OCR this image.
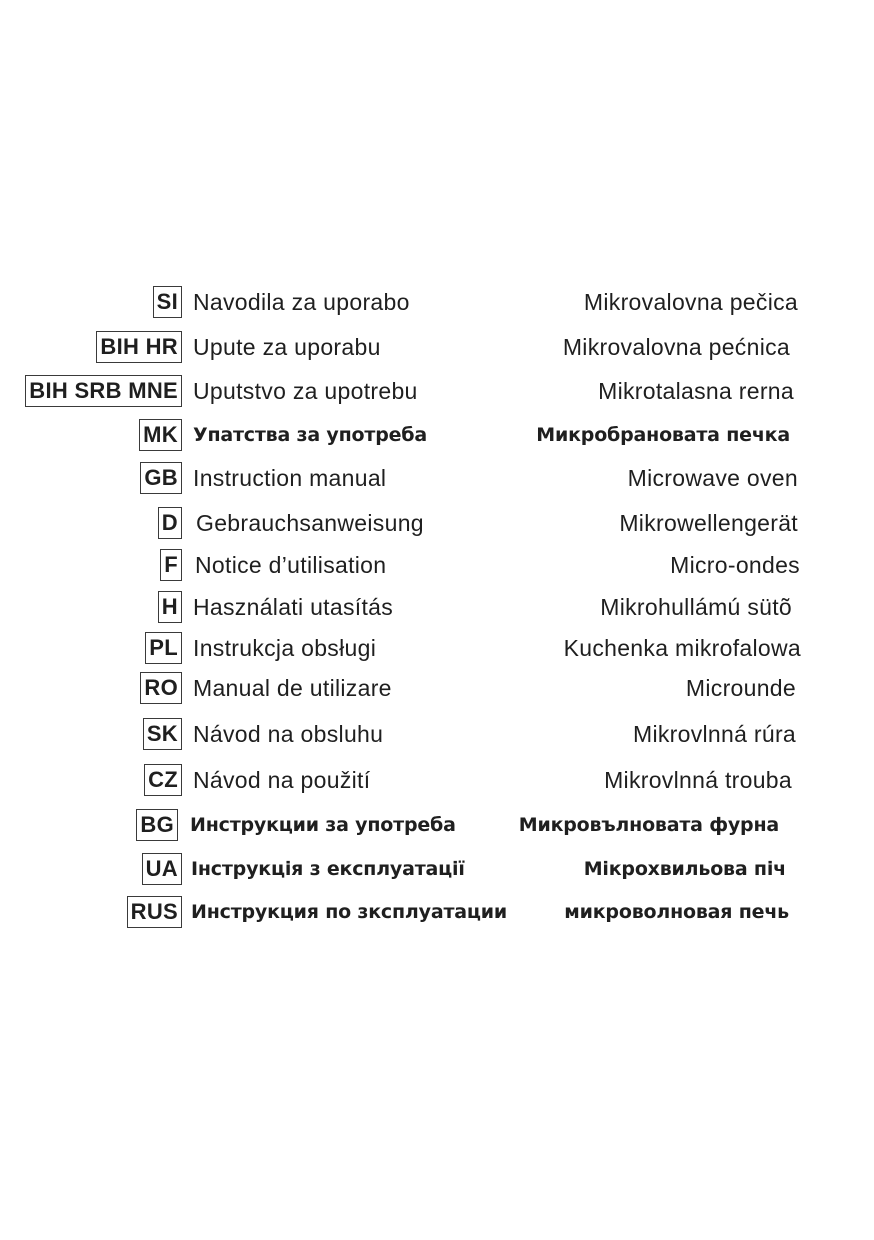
SI Navodila za uporabo	Mikrovalovna pečica
BIH HR Upute za uporabu	Mikrovalovna pećnica
BIH SRB MNE Uputstvo za upotrebu	Mikrotalasna rerna
MK Упатства за употреба	Микробрановата печка
GB Instruction manual	Microwave oven
D Gebrauchsanweisung	Mikrowellengerät
F Notice d’utilisation	Micro-ondes
H Használati utasítás	Mikrohullámú sütõ
PL Instrukcja obsługi	Kuchenka mikrofalowa
RO Manual de utilizare	Microunde
SK Návod na obsluhu	Mikrovlnná rúra
CZ Návod na použití	Mikrovlnná trouba
BG Инструкции за употреба	Микровълновата фурна
UA Інструкція з експлуатації	Мікрохвильова піч
RUS Инструкция по зксплуатации	микроволновая печь
